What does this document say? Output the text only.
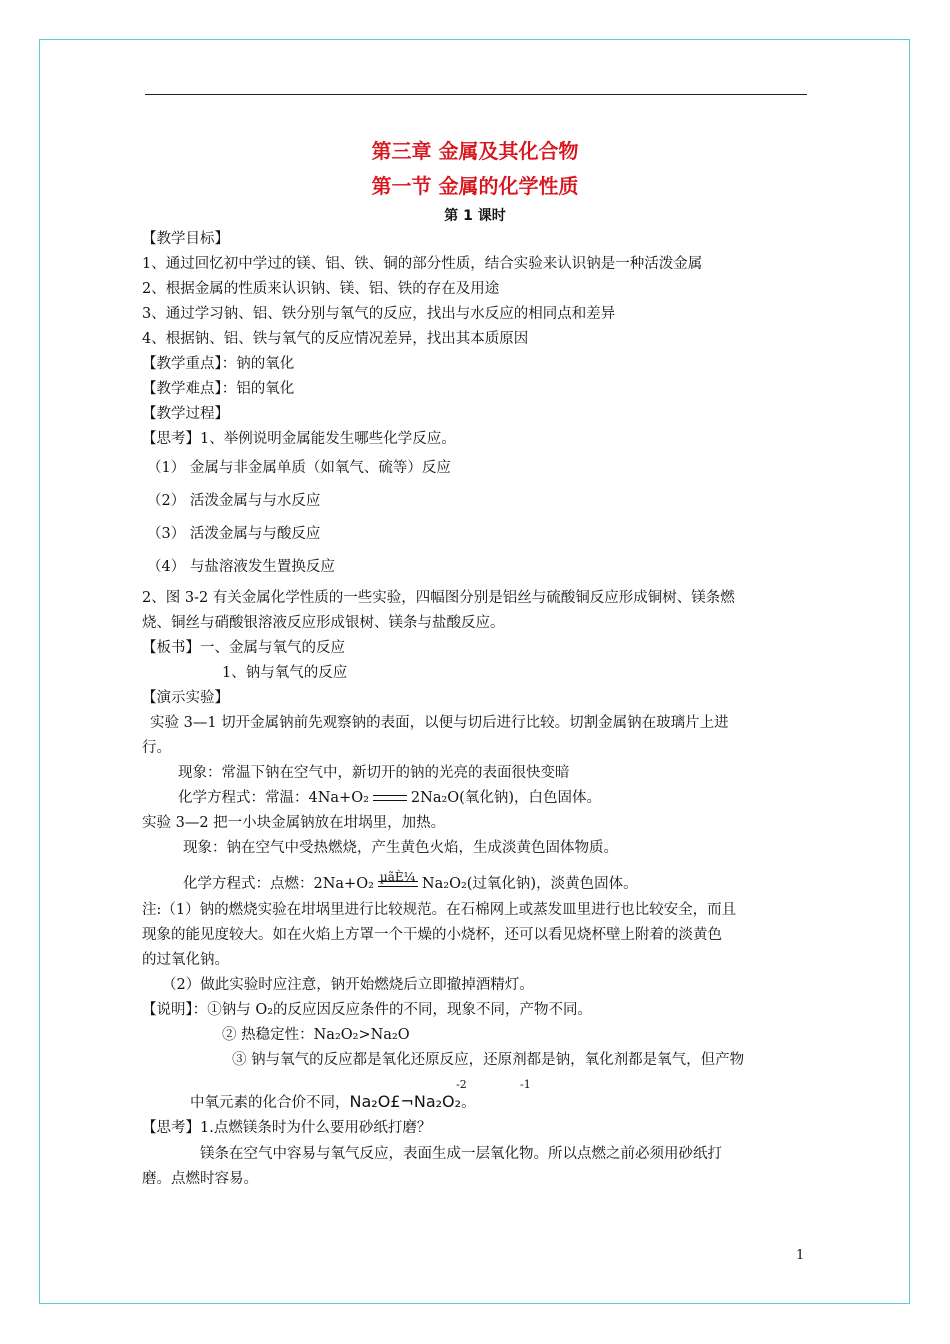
第三章 金属及其化合物
第一节 金属的化学性质
第 1 课时
【教学目标】
1、通过回忆初中学过的镁、铝、铁、铜的部分性质，结合实验来认识钠是一种活泼金属
2、根据金属的性质来认识钠、镁、铝、铁的存在及用途
3、通过学习钠、铝、铁分别与氧气的反应，找出与水反应的相同点和差异
4、根据钠、铝、铁与氧气的反应情况差异，找出其本质原因
【教学重点】：钠的氧化
【教学难点】：铝的氧化
【教学过程】
【思考】1、举例说明金属能发生哪些化学反应。
（1） 金属与非金属单质（如氧气、硫等）反应
（2） 活泼金属与与水反应
（3） 活泼金属与与酸反应
（4） 与盐溶液发生置换反应
2、图 3-2 有关金属化学性质的一些实验，四幅图分别是铝丝与硫酸铜反应形成铜树、镁条燃
烧、铜丝与硝酸银溶液反应形成银树、镁条与盐酸反应。
【板书】一、金属与氧气的反应
1、钠与氧气的反应
【演示实验】
实验 3—1 切开金属钠前先观察钠的表面，以便与切后进行比较。切割金属钠在玻璃片上进
行。
现象：常温下钠在空气中，新切开的钠的光亮的表面很快变暗
化学方程式：常温：4Na+O₂	2Na₂O(氧化钠)，白色固体。
实验 3—2 把一小块金属钠放在坩埚里，加热。
现象：钠在空气中受热燃烧，产生黄色火焰，生成淡黄色固体物质。
化学方程式：点燃：2Na+O₂ µãÈ¼ Na₂O₂(过氧化钠)，淡黄色固体。
注:（1）钠的燃烧实验在坩埚里进行比较规范。在石棉网上或蒸发皿里进行也比较安全，而且
现象的能见度较大。如在火焰上方罩一个干燥的小烧杯，还可以看见烧杯壁上附着的淡黄色
的过氧化钠。
（2）做此实验时应注意，钠开始燃烧后立即撤掉酒精灯。
【说明】：①钠与 O₂的反应因反应条件的不同，现象不同，产物不同。
② 热稳定性：Na₂O₂>Na₂O
③ 钠与氧气的反应都是氧化还原反应，还原剂都是钠，氧化剂都是氧气，但产物
中氧元素的化合价不同，Na₂O£¬Na₂O₂。
-2	-1
【思考】1.点燃镁条时为什么要用砂纸打磨？
镁条在空气中容易与氧气反应，表面生成一层氧化物。所以点燃之前必须用砂纸打
磨。点燃时容易。
1
